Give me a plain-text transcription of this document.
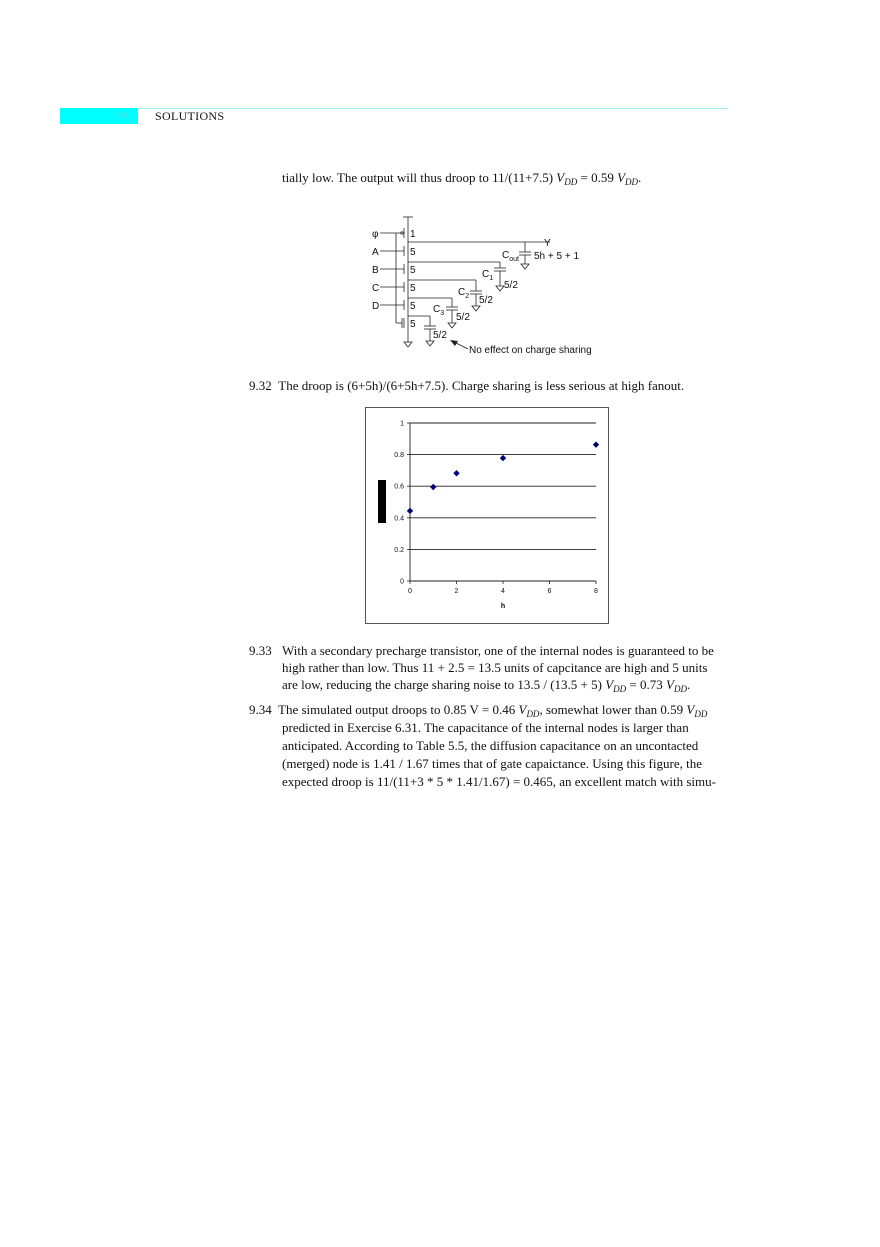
94 SOLUTIONS
tially low. The output will thus droop to 11/(11+7.5) $V_{DD} = 0.59$ $V_{DD}$.
φ
A
B
C
D
1
5
5
5
5
5
Y
$C_{out}$ 5h + 5 + 1
$C_1$
5/2
$C_2$ 5/2
$C_3$ 5/2
5/2
No effect on charge sharing
9.32 The droop is (6+5h)/(6+5h+7.5). Charge sharing is less serious at high fanout.
0
0.2
0.4
0.6
0.8
1
0	2	4	6	8
h
9.33 With a secondary precharge transistor, one of the internal nodes is guaranteed to be
high rather than low. Thus 11 + 2.5 = 13.5 units of capcitance are high and 5 units
are low, reducing the charge sharing noise to 13.5 / (13.5 + 5) $V_{DD} = 0.73$ $V_{DD}$.
9.34 The simulated output droops to 0.85 V = 0.46 $V_{DD}$, somewhat lower than 0.59 $V_{DD}$
predicted in Exercise 6.31. The capacitance of the internal nodes is larger than
anticipated. According to Table 5.5, the diffusion capacitance on an uncontacted
(merged) node is 1.41 / 1.67 times that of gate capaictance. Using this figure, the
expected droop is 11/(11+3 * 5 * 1.41/1.67) = 0.465, an excellent match with simu-
